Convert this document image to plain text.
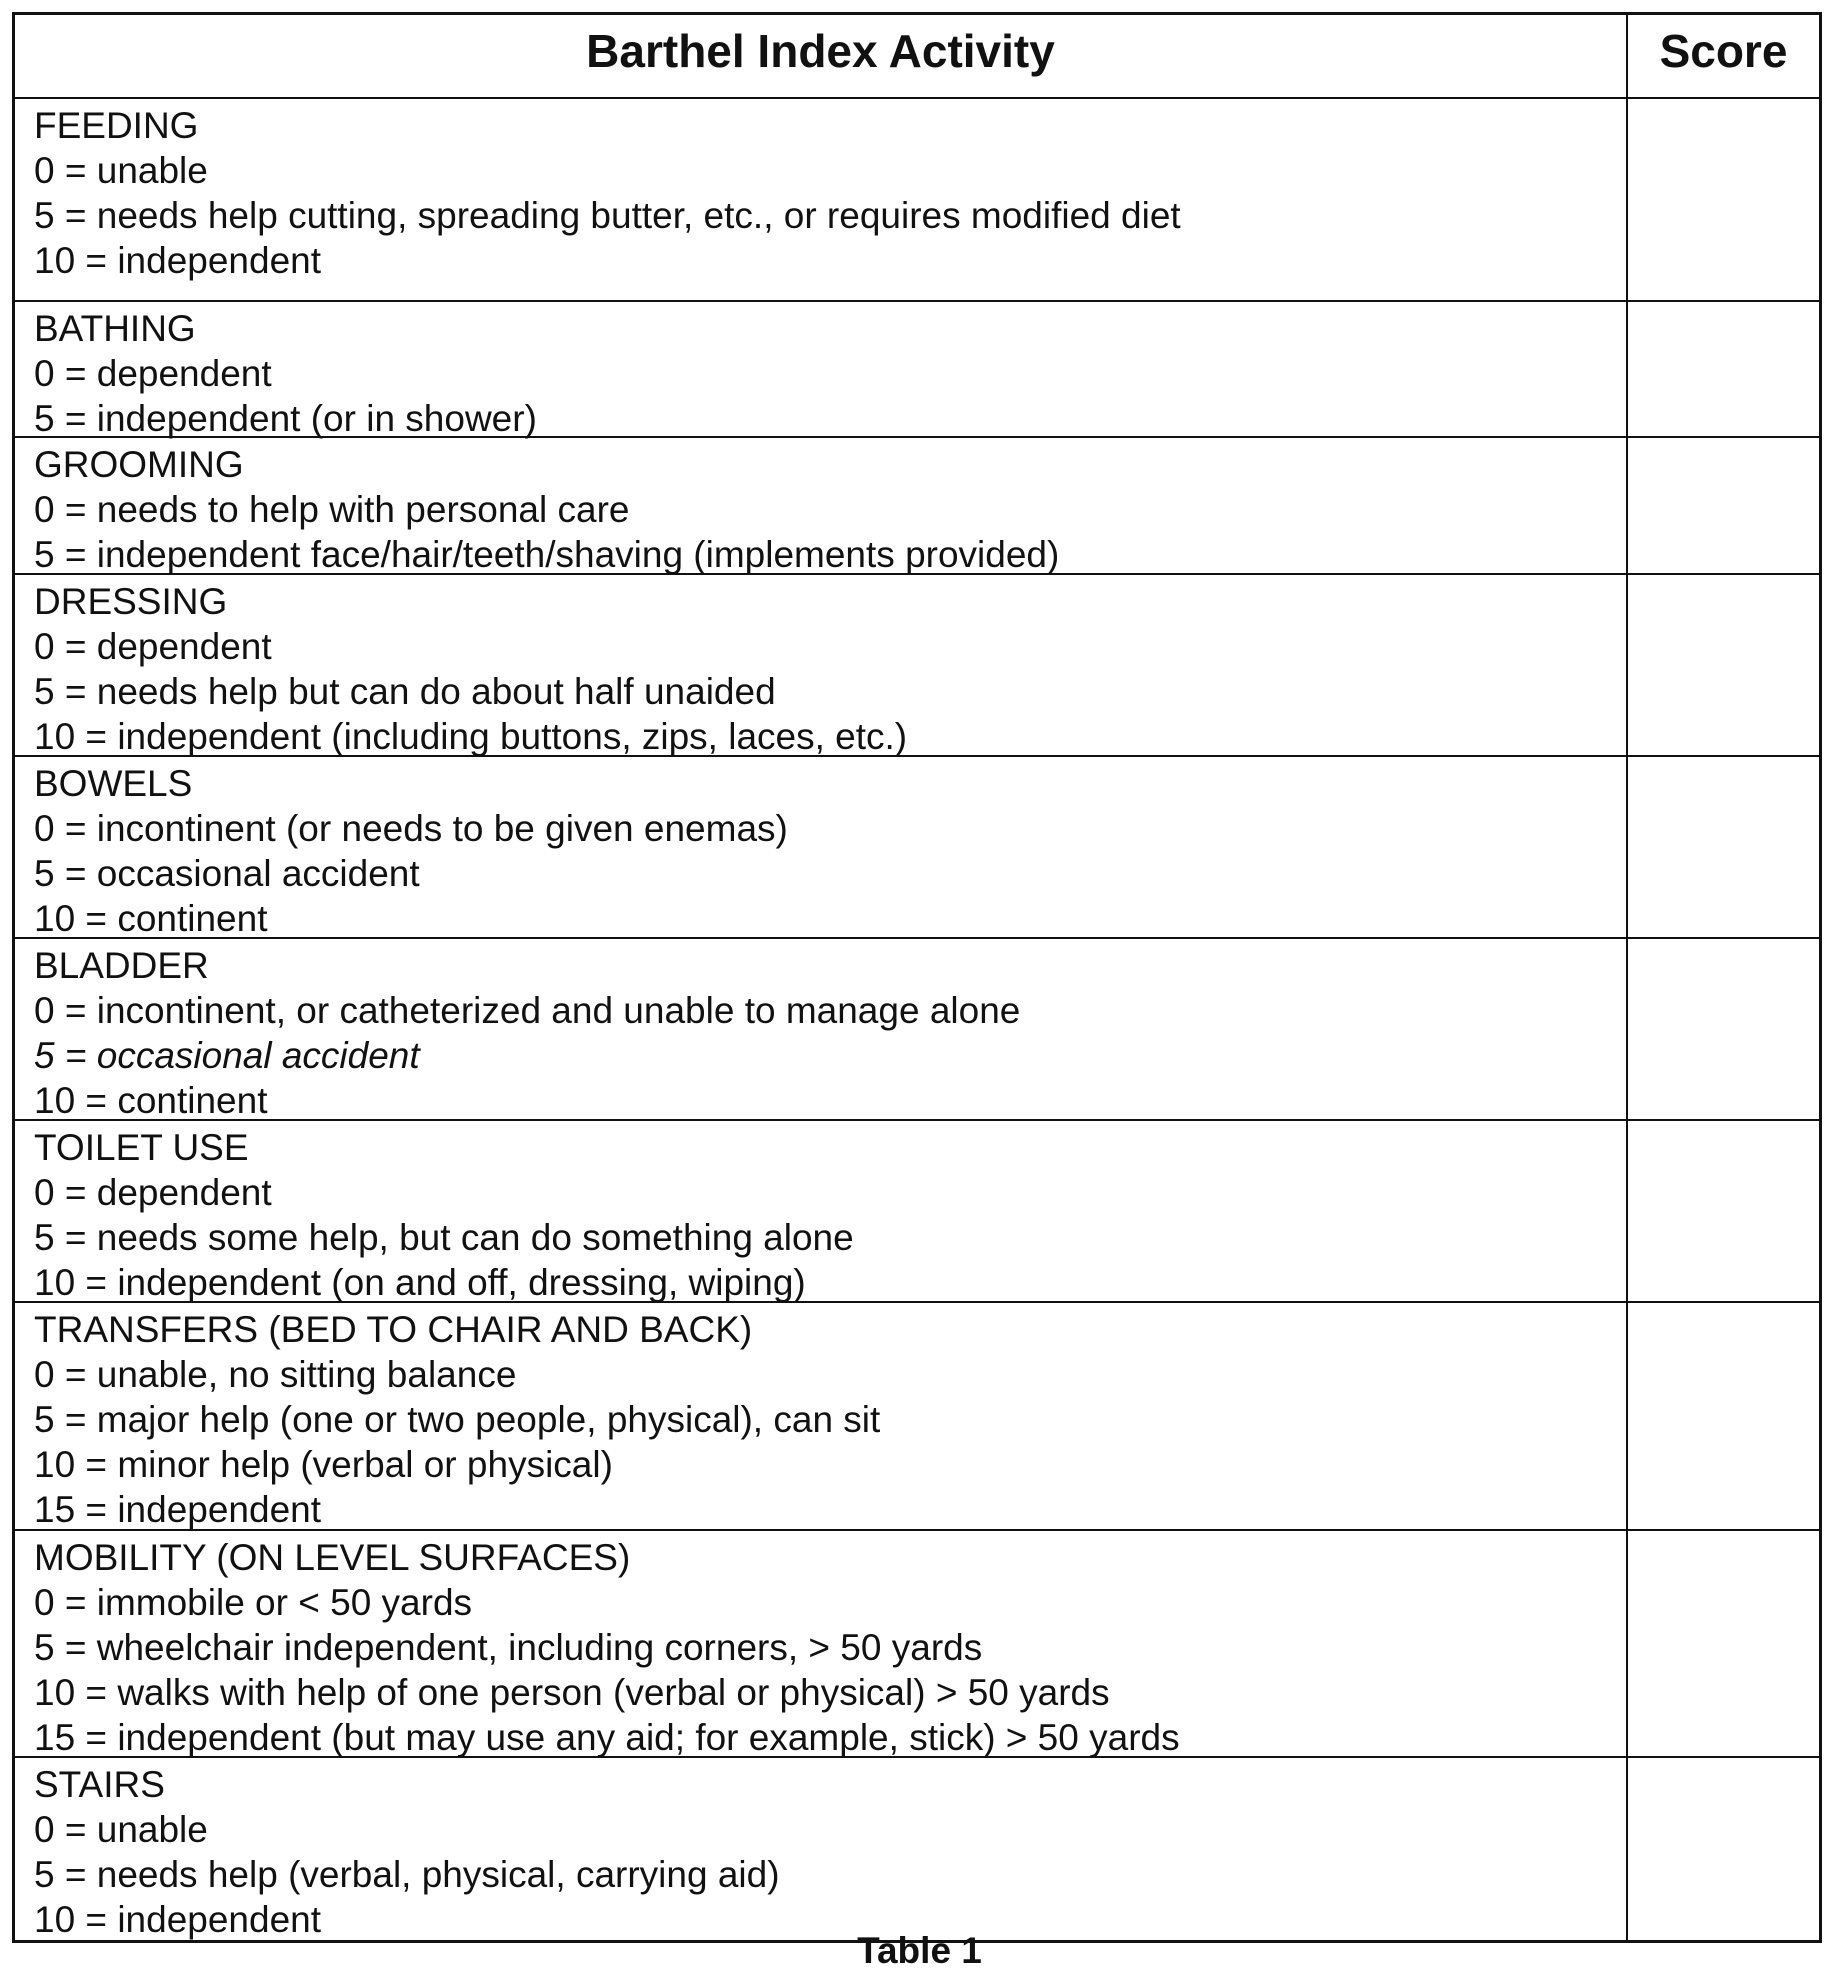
Barthel Index Activity	Score
FEEDING
0 = unable
5 = needs help cutting, spreading butter, etc., or requires modified diet
10 = independent
BATHING
0 = dependent
5 = independent (or in shower)
GROOMING
0 = needs to help with personal care
5 = independent face/hair/teeth/shaving (implements provided)
DRESSING
0 = dependent
5 = needs help but can do about half unaided
10 = independent (including buttons, zips, laces, etc.)
BOWELS
0 = incontinent (or needs to be given enemas)
5 = occasional accident
10 = continent
BLADDER
0 = incontinent, or catheterized and unable to manage alone
5 = occasional accident
10 = continent
TOILET USE
0 = dependent
5 = needs some help, but can do something alone
10 = independent (on and off, dressing, wiping)
TRANSFERS (BED TO CHAIR AND BACK)
0 = unable, no sitting balance
5 = major help (one or two people, physical), can sit
10 = minor help (verbal or physical)
15 = independent
MOBILITY (ON LEVEL SURFACES)
0 = immobile or < 50 yards
5 = wheelchair independent, including corners, > 50 yards
10 = walks with help of one person (verbal or physical) > 50 yards
15 = independent (but may use any aid; for example, stick) > 50 yards
STAIRS
0 = unable
5 = needs help (verbal, physical, carrying aid)
10 = independent
Table 1
